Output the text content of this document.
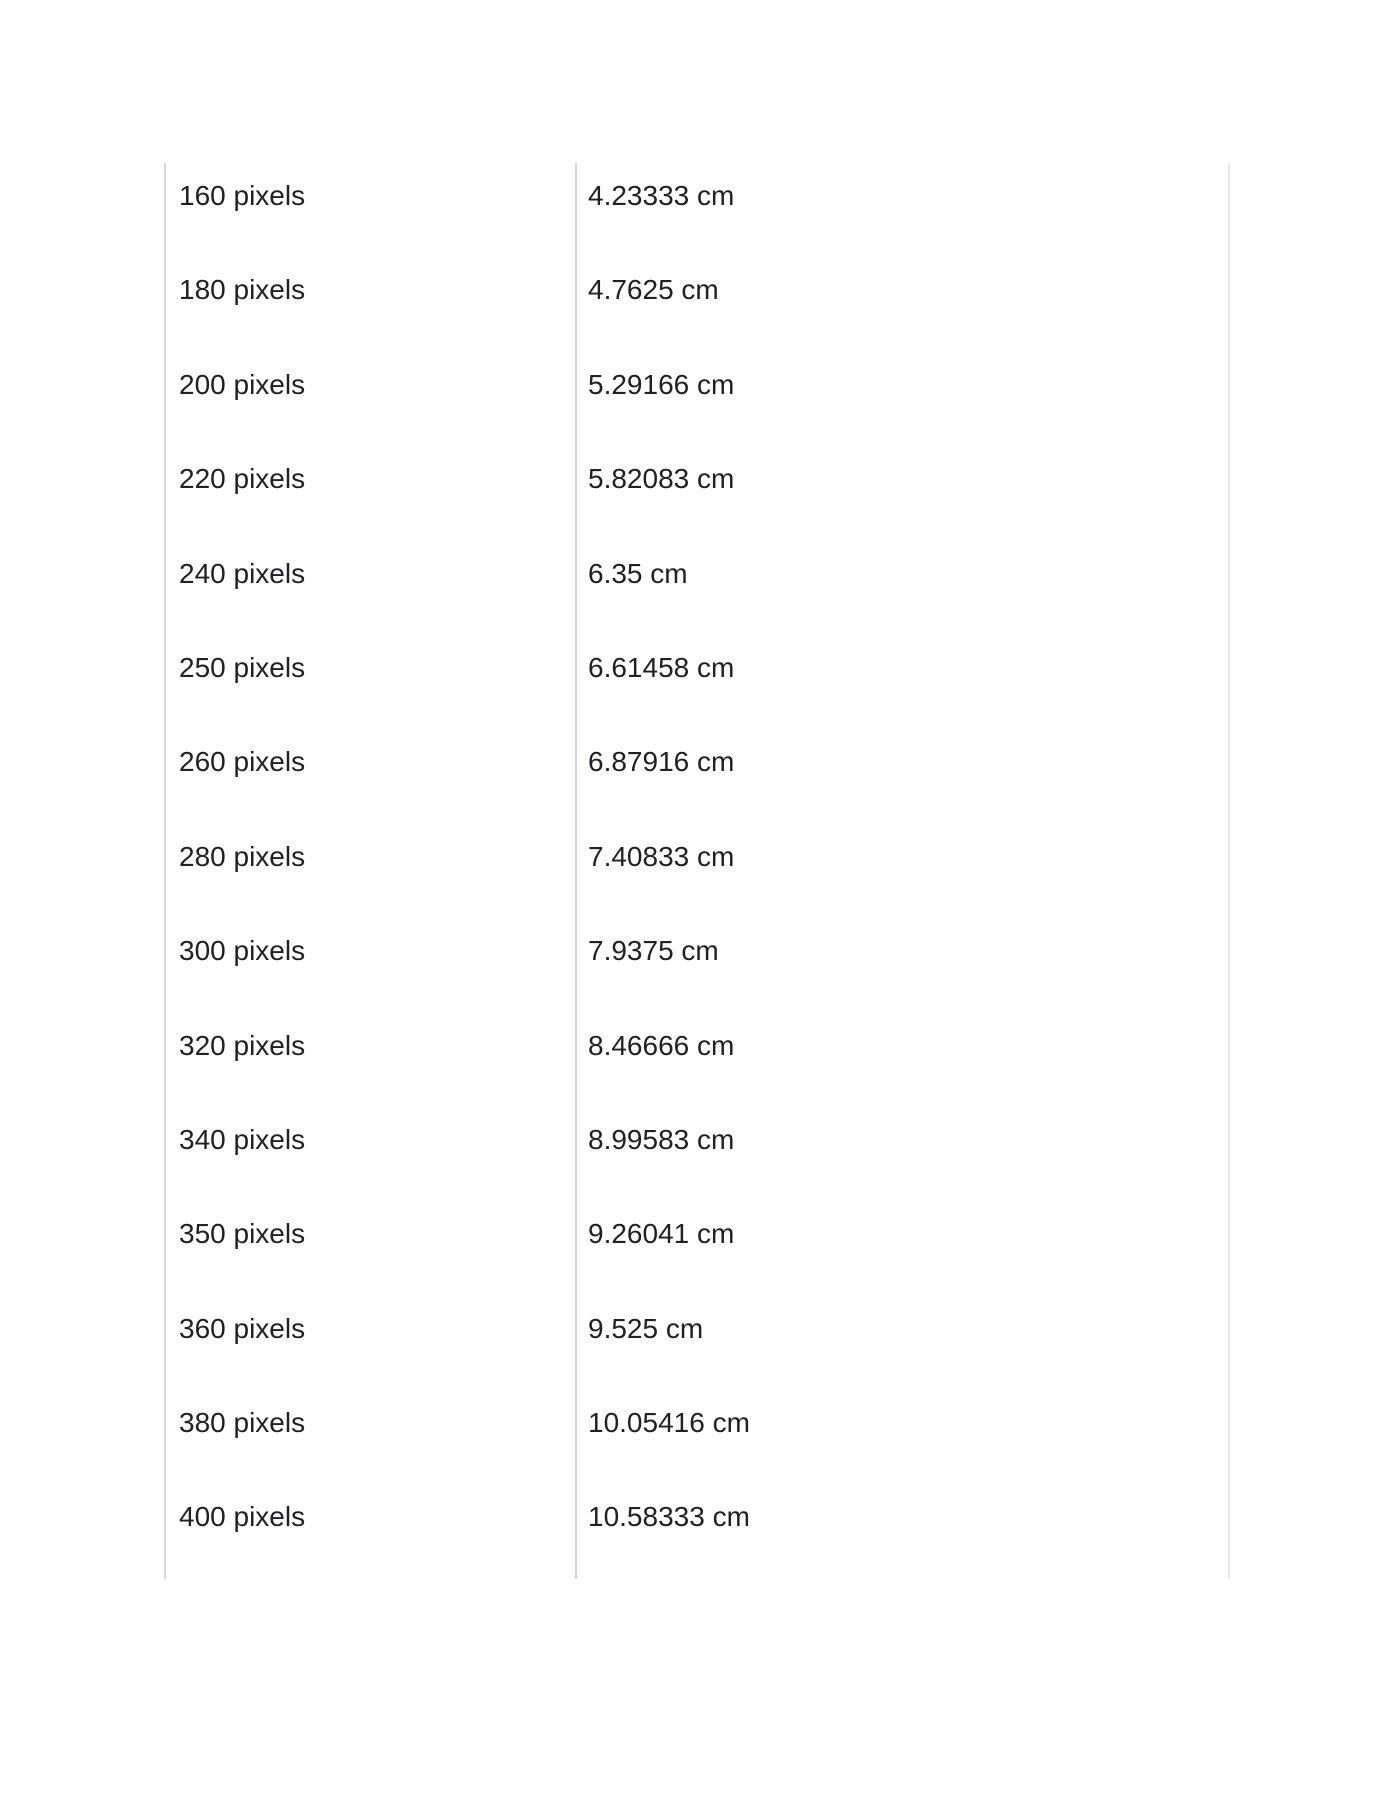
160 pixels	4.23333 cm
180 pixels	4.7625 cm
200 pixels	5.29166 cm
220 pixels	5.82083 cm
240 pixels	6.35 cm
250 pixels	6.61458 cm
260 pixels	6.87916 cm
280 pixels	7.40833 cm
300 pixels	7.9375 cm
320 pixels	8.46666 cm
340 pixels	8.99583 cm
350 pixels	9.26041 cm
360 pixels	9.525 cm
380 pixels	10.05416 cm
400 pixels	10.58333 cm
